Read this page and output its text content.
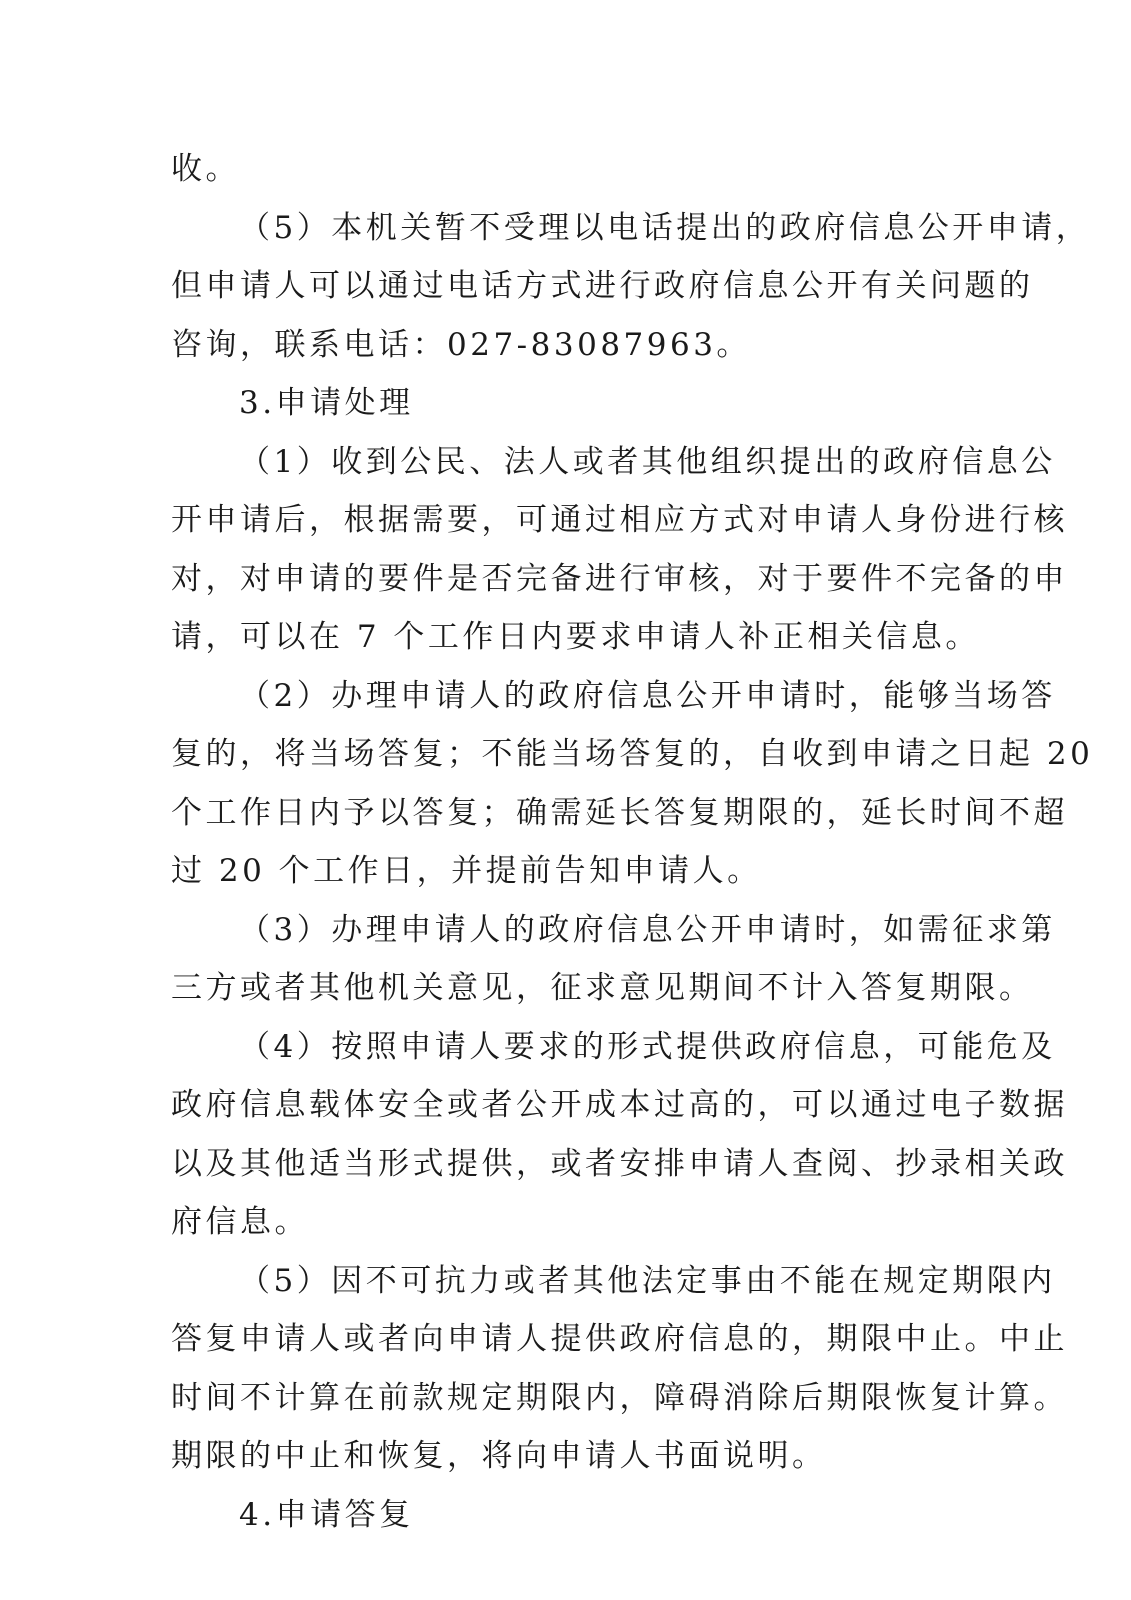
收。
（5）本机关暂不受理以电话提出的政府信息公开申请，
但申请人可以通过电话方式进行政府信息公开有关问题的
咨询，联系电话：027-83087963。
3.申请处理
（1）收到公民、法人或者其他组织提出的政府信息公
开申请后，根据需要，可通过相应方式对申请人身份进行核
对，对申请的要件是否完备进行审核，对于要件不完备的申
请，可以在 7 个工作日内要求申请人补正相关信息。
（2）办理申请人的政府信息公开申请时，能够当场答
复的，将当场答复；不能当场答复的，自收到申请之日起 20
个工作日内予以答复；确需延长答复期限的，延长时间不超
过 20 个工作日，并提前告知申请人。
（3）办理申请人的政府信息公开申请时，如需征求第
三方或者其他机关意见，征求意见期间不计入答复期限。
（4）按照申请人要求的形式提供政府信息，可能危及
政府信息载体安全或者公开成本过高的，可以通过电子数据
以及其他适当形式提供，或者安排申请人查阅、抄录相关政
府信息。
（5）因不可抗力或者其他法定事由不能在规定期限内
答复申请人或者向申请人提供政府信息的，期限中止。中止
时间不计算在前款规定期限内，障碍消除后期限恢复计算。
期限的中止和恢复，将向申请人书面说明。
4.申请答复
